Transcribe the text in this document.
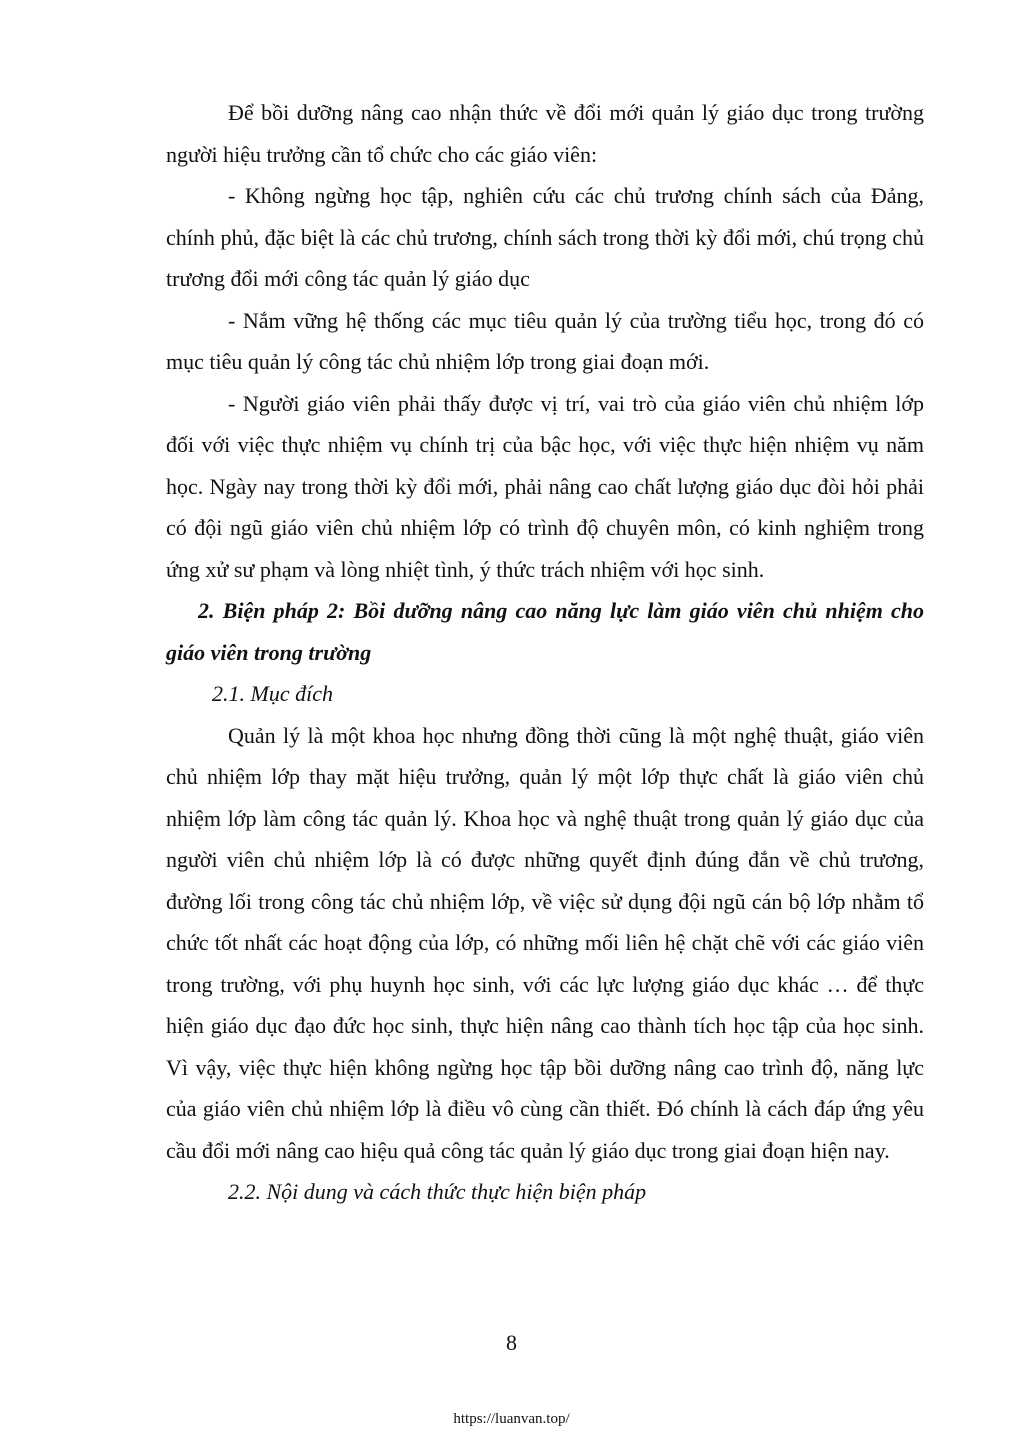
Để bồi dưỡng nâng cao nhận thức về đổi mới quản lý giáo dục trong trường người hiệu trưởng cần tổ chức cho các giáo viên:

- Không ngừng học tập, nghiên cứu các chủ trương chính sách của Đảng, chính phủ, đặc biệt là các chủ trương, chính sách trong thời kỳ đổi mới, chú trọng chủ trương đổi mới công tác quản lý giáo dục

- Nắm vững hệ thống các mục tiêu quản lý của trường tiểu học, trong đó có mục tiêu quản lý công tác chủ nhiệm lớp trong giai đoạn mới.

- Người giáo viên phải thấy được vị trí, vai trò của giáo viên chủ nhiệm lớp đối với việc thực nhiệm vụ chính trị của bậc học, với việc thực hiện nhiệm vụ năm học. Ngày nay trong thời kỳ đổi mới, phải nâng cao chất lượng giáo dục đòi hỏi phải có đội ngũ giáo viên chủ nhiệm lớp có trình độ chuyên môn, có kinh nghiệm trong ứng xử sư phạm và lòng nhiệt tình, ý thức trách nhiệm với học sinh.

2. Biện pháp 2: Bồi dưỡng nâng cao năng lực làm giáo viên chủ nhiệm cho giáo viên trong trường

2.1. Mục đích

Quản lý là một khoa học nhưng đồng thời cũng là một nghệ thuật, giáo viên chủ nhiệm lớp thay mặt hiệu trưởng, quản lý một lớp thực chất là giáo viên chủ nhiệm lớp làm công tác quản lý. Khoa học và nghệ thuật trong quản lý giáo dục của người viên chủ nhiệm lớp là có được những quyết định đúng đắn về chủ trương, đường lối trong công tác chủ nhiệm lớp, về việc sử dụng đội ngũ cán bộ lớp nhằm tổ chức tốt nhất các hoạt động của lớp, có những mối liên hệ chặt chẽ với các giáo viên trong trường, với phụ huynh học sinh, với các lực lượng giáo dục khác … để thực hiện giáo dục đạo đức học sinh, thực hiện nâng cao thành tích học tập của học sinh. Vì vậy, việc thực hiện không ngừng học tập bồi dưỡng nâng cao trình độ, năng lực của giáo viên chủ nhiệm lớp là điều vô cùng cần thiết. Đó chính là cách đáp ứng yêu cầu đổi mới nâng cao hiệu quả công tác quản lý giáo dục trong giai đoạn hiện nay.

2.2. Nội dung và cách thức thực hiện biện pháp

8

https://luanvan.top/
